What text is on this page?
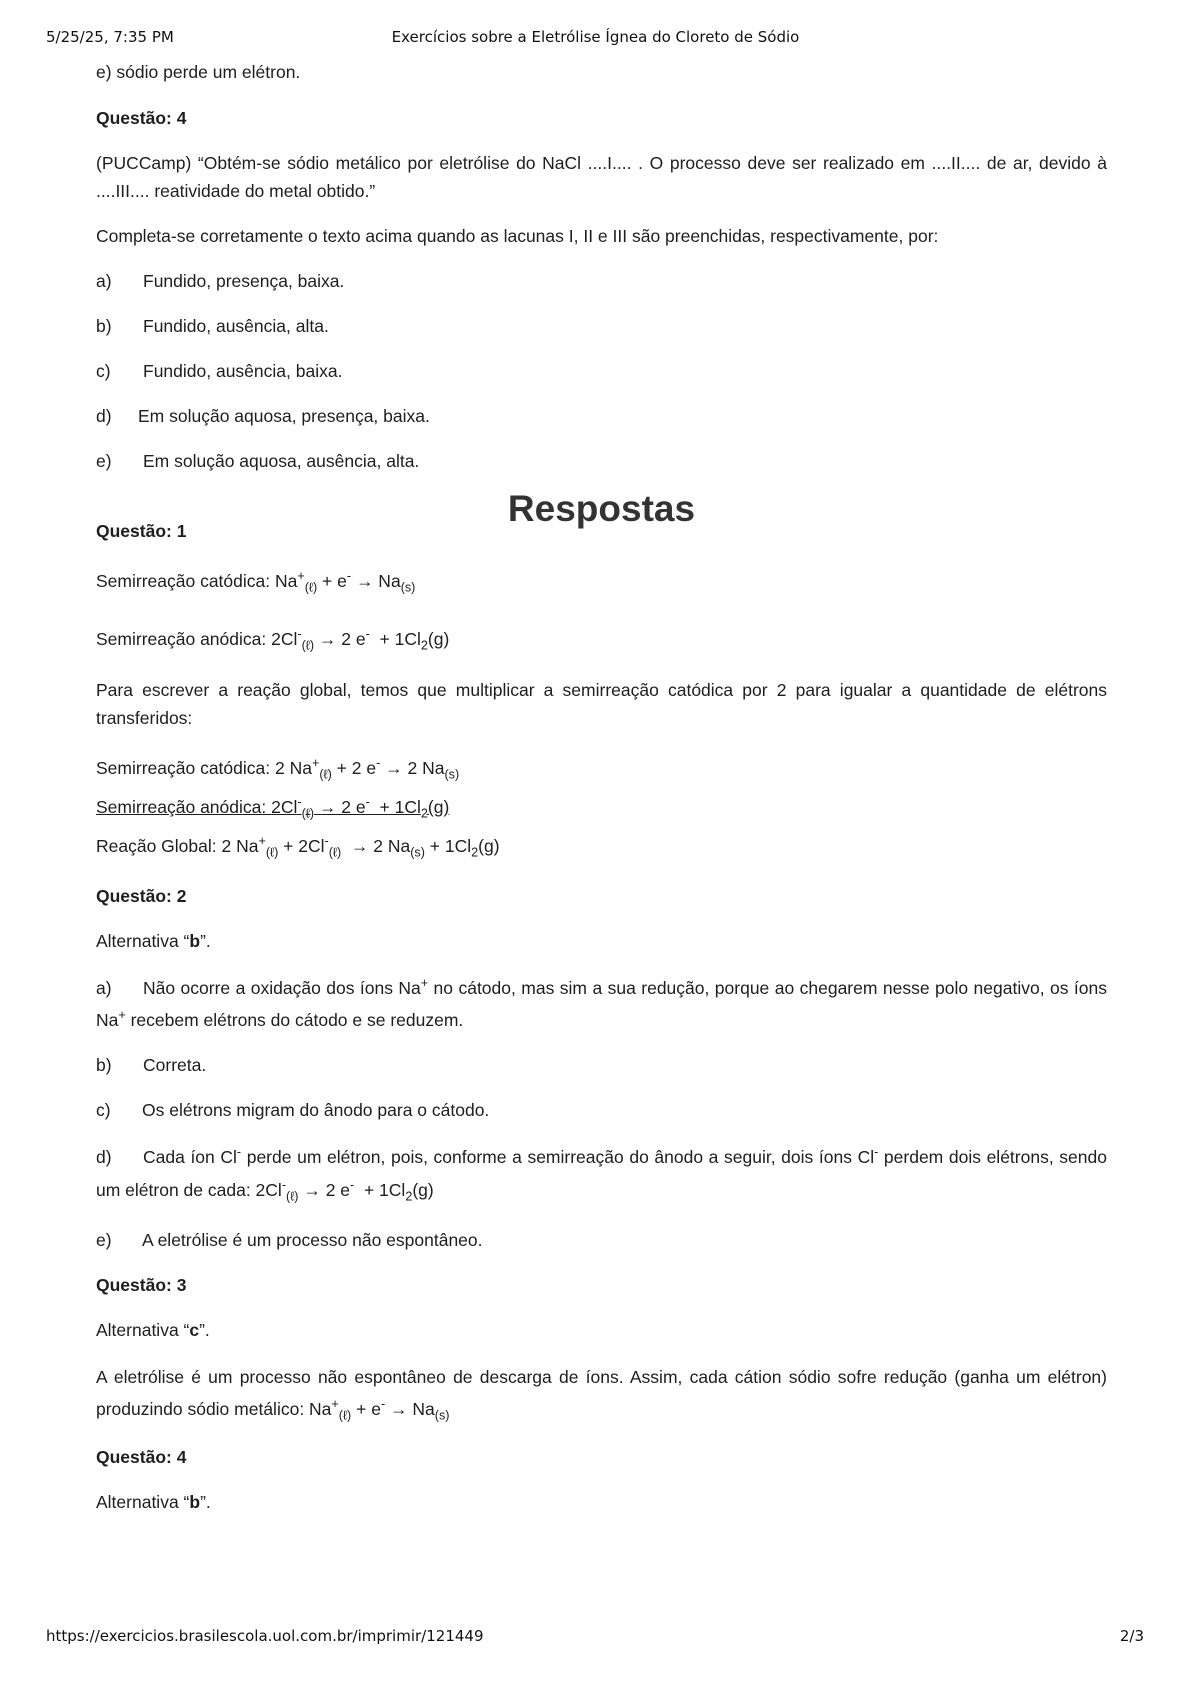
5/25/25, 7:35 PM	Exercícios sobre a Eletrólise Ígnea do Cloreto de Sódio

e) sódio perde um elétron.

Questão: 4

(PUCCamp) “Obtém-se sódio metálico por eletrólise do NaCl ....I.... . O processo deve ser realizado em ....II.... de ar, devido à ....III.... reatividade do metal obtido.”

Completa-se corretamente o texto acima quando as lacunas I, II e III são preenchidas, respectivamente, por:

a)	Fundido, presença, baixa.
b)	Fundido, ausência, alta.
c)	Fundido, ausência, baixa.
d)	Em solução aquosa, presença, baixa.
e)	Em solução aquosa, ausência, alta.

Respostas

Questão: 1

Semirreação catódica: $Na^+_{(\ell)} + e^- \to Na_{(s)}$

Semirreação anódica: $2Cl^-_{(\ell)} \to 2$ $e^- + 1Cl_2(g)$

Para escrever a reação global, temos que multiplicar a semirreação catódica por 2 para igualar a quantidade de elétrons transferidos:

Semirreação catódica: 2 $Na^+_{(\ell)} + 2$ e- → 2 $Na_{(s)}$

Semirreação anódica: $2Cl^-_{(\ell)} \to 2$ $e^- + 1Cl_2(g)$

Reação Global: 2 $Na^+_{(\ell)} + 2Cl^-_{(\ell)} \to 2$ $Na_{(s)} + 1Cl_2(g)$

Questão: 2

Alternativa “b”.

a) Não ocorre a oxidação dos íons Na+ no cátodo, mas sim a sua redução, porque ao chegarem nesse polo negativo, os íons Na+ recebem elétrons do cátodo e se reduzem.

b) Correta.

c) Os elétrons migram do ânodo para o cátodo.

d) Cada íon Cl- perde um elétron, pois, conforme a semirreação do ânodo a seguir, dois íons Cl- perdem dois elétrons, sendo um elétron de cada: $2Cl^-_{(\ell)} \to 2$ $e^- + 1Cl_2(g)$

e) A eletrólise é um processo não espontâneo.

Questão: 3

Alternativa “c”.

A eletrólise é um processo não espontâneo de descarga de íons. Assim, cada cátion sódio sofre redução (ganha um elétron) produzindo sódio metálico: $Na^+_{(\ell)} + e^- \to Na_{(s)}$

Questão: 4

Alternativa “b”.

https://exercicios.brasilescola.uol.com.br/imprimir/121449	2/3
